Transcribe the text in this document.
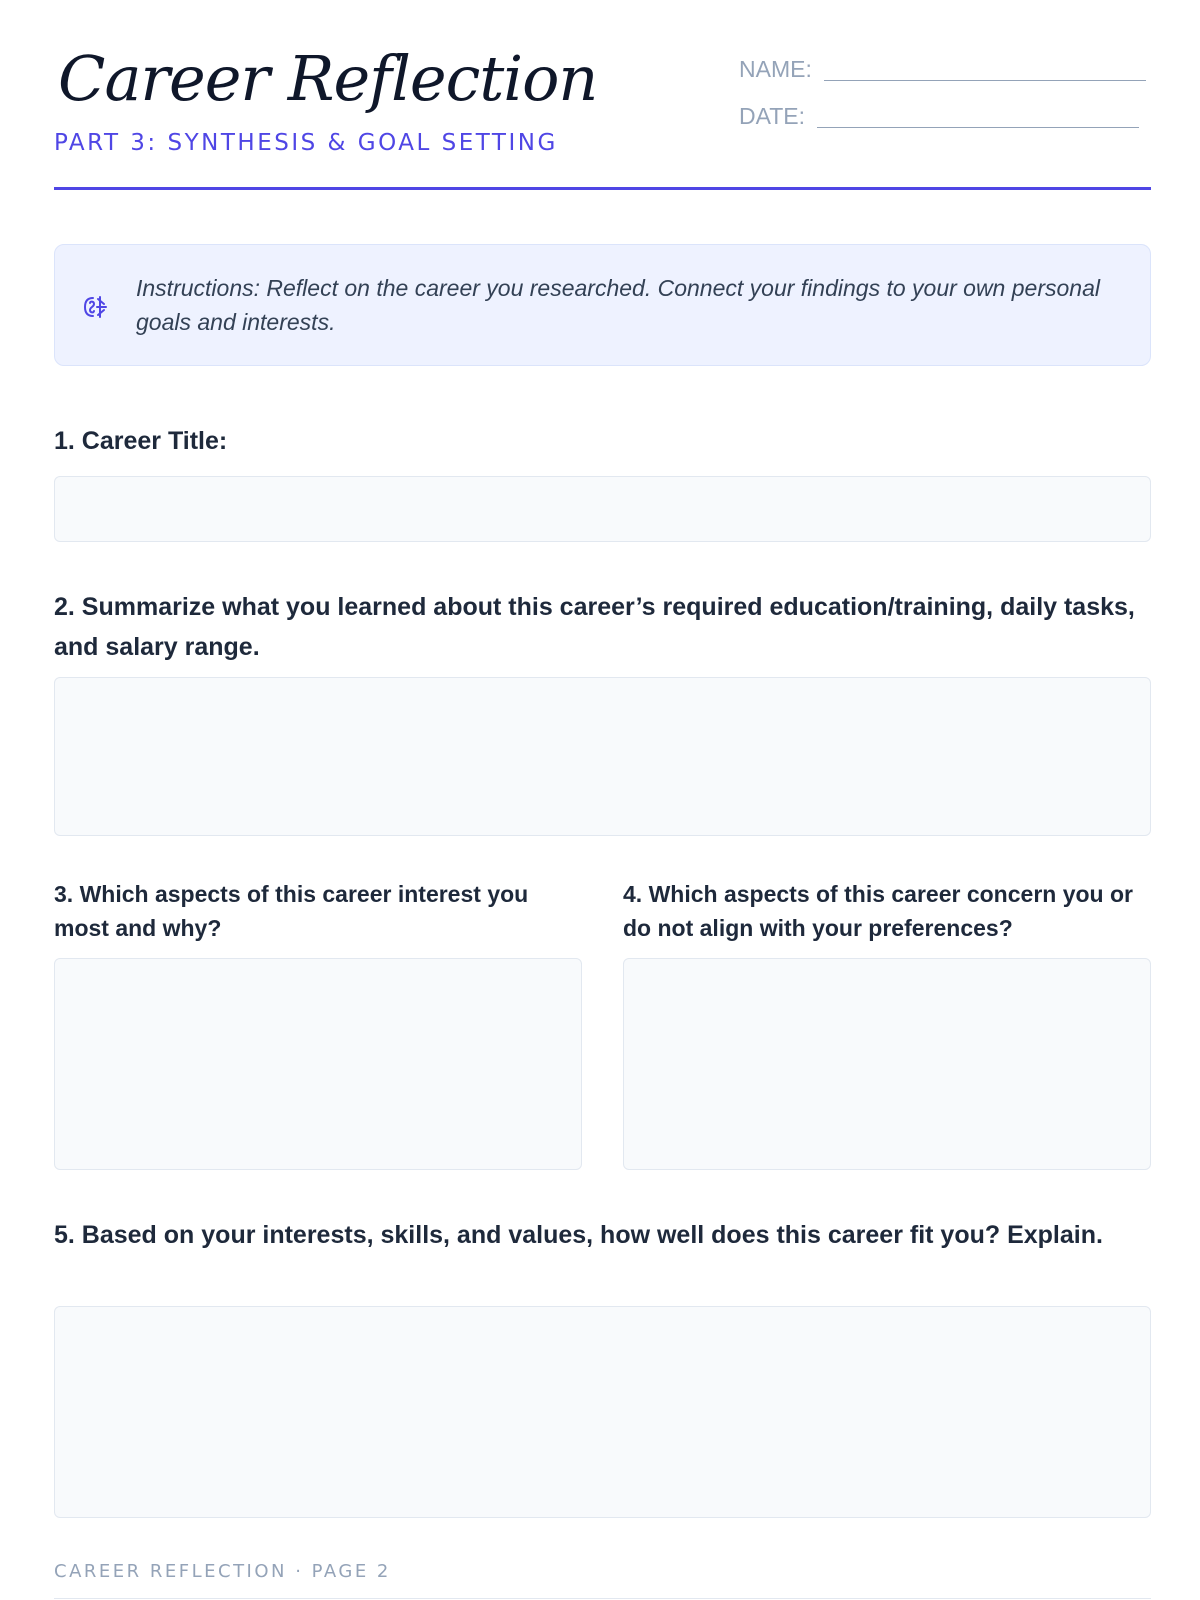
Career Reflection
PART 3: SYNTHESIS & GOAL SETTING
NAME:
DATE:
Instructions: Reflect on the career you researched. Connect your findings to your own personal goals and interests.

1. Career Title:

2. Summarize what you learned about this career’s required education/training, daily tasks, and salary range.

3. Which aspects of this career interest you most and why?

4. Which aspects of this career concern you or do not align with your preferences?

5. Based on your interests, skills, and values, how well does this career fit you? Explain.

CAREER REFLECTION · PAGE 2
